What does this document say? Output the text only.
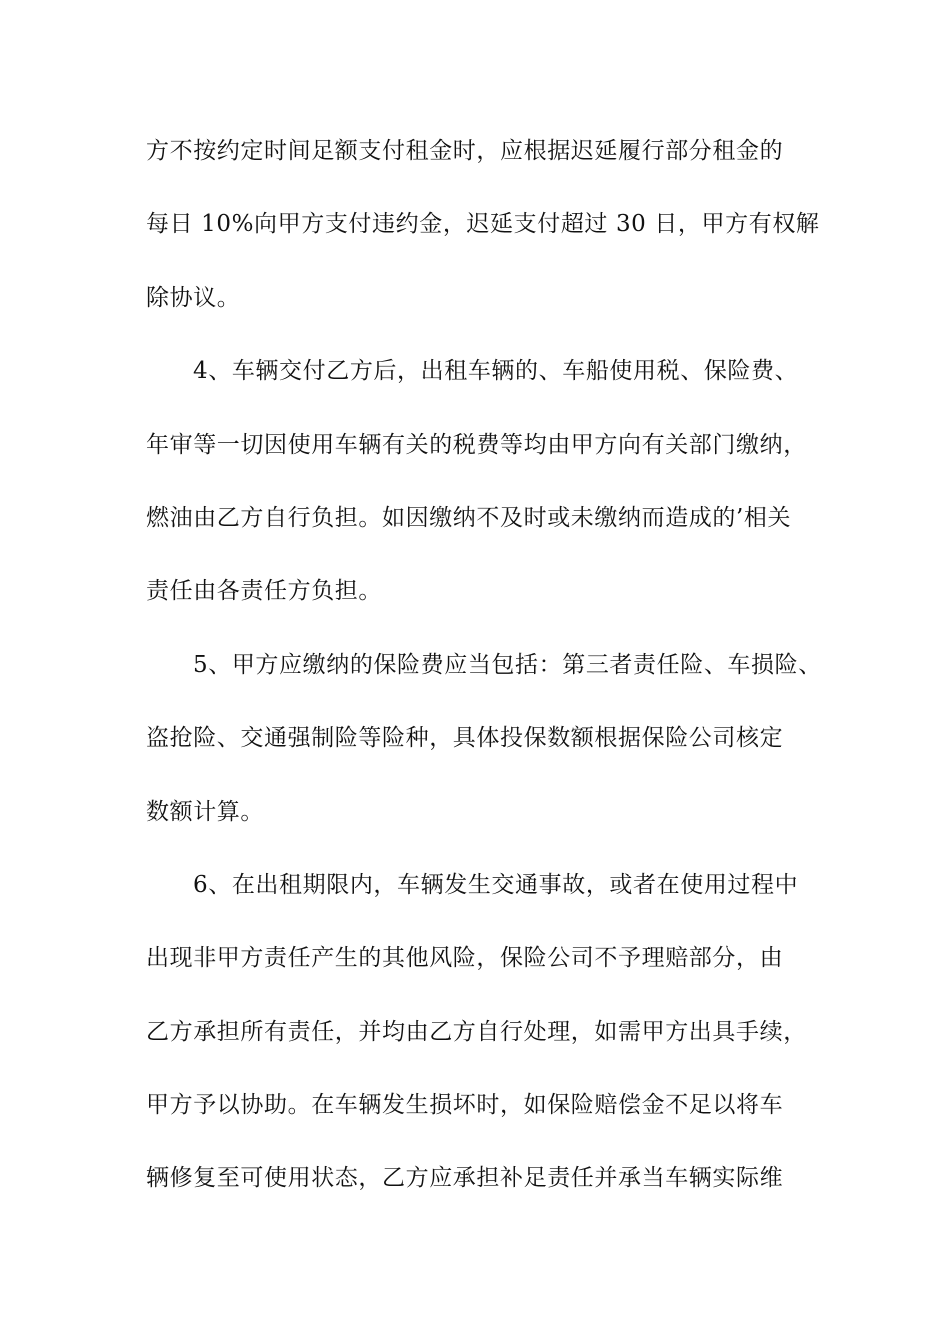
方不按约定时间足额支付租金时，应根据迟延履行部分租金的
每日 10%向甲方支付违约金，迟延支付超过 30 日，甲方有权解
除协议。
4、车辆交付乙方后，出租车辆的、车船使用税、保险费、
年审等一切因使用车辆有关的税费等均由甲方向有关部门缴纳，
燃油由乙方自行负担。如因缴纳不及时或未缴纳而造成的’相关
责任由各责任方负担。
5、甲方应缴纳的保险费应当包括：第三者责任险、车损险、
盗抢险、交通强制险等险种，具体投保数额根据保险公司核定
数额计算。
6、在出租期限内，车辆发生交通事故，或者在使用过程中
出现非甲方责任产生的其他风险，保险公司不予理赔部分，由
乙方承担所有责任，并均由乙方自行处理，如需甲方出具手续，
甲方予以协助。在车辆发生损坏时，如保险赔偿金不足以将车
辆修复至可使用状态，乙方应承担补足责任并承当车辆实际维
